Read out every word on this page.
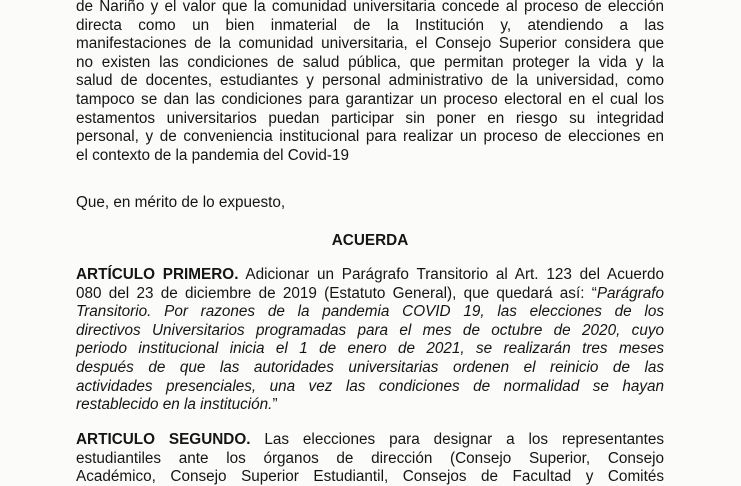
de Nariño y el valor que la comunidad universitaria concede al proceso de elección
directa como un bien inmaterial de la Institución y, atendiendo a las
manifestaciones de la comunidad universitaria, el Consejo Superior considera que
no existen las condiciones de salud pública, que permitan proteger la vida y la
salud de docentes, estudiantes y personal administrativo de la universidad, como
tampoco se dan las condiciones para garantizar un proceso electoral en el cual los
estamentos universitarios puedan participar sin poner en riesgo su integridad
personal, y de conveniencia institucional para realizar un proceso de elecciones en
el contexto de la pandemia del Covid-19
Que, en mérito de lo expuesto,
ACUERDA
ARTÍCULO PRIMERO. Adicionar un Parágrafo Transitorio al Art. 123 del Acuerdo
080 del 23 de diciembre de 2019 (Estatuto General), que quedará así: “Parágrafo
Transitorio. Por razones de la pandemia COVID 19, las elecciones de los
directivos Universitarios programadas para el mes de octubre de 2020, cuyo
periodo institucional inicia el 1 de enero de 2021, se realizarán tres meses
después de que las autoridades universitarias ordenen el reinicio de las
actividades presenciales, una vez las condiciones de normalidad se hayan
restablecido en la institución.”
ARTICULO SEGUNDO. Las elecciones para designar a los representantes
estudiantiles ante los órganos de dirección (Consejo Superior, Consejo
Académico, Consejo Superior Estudiantil, Consejos de Facultad y Comités
